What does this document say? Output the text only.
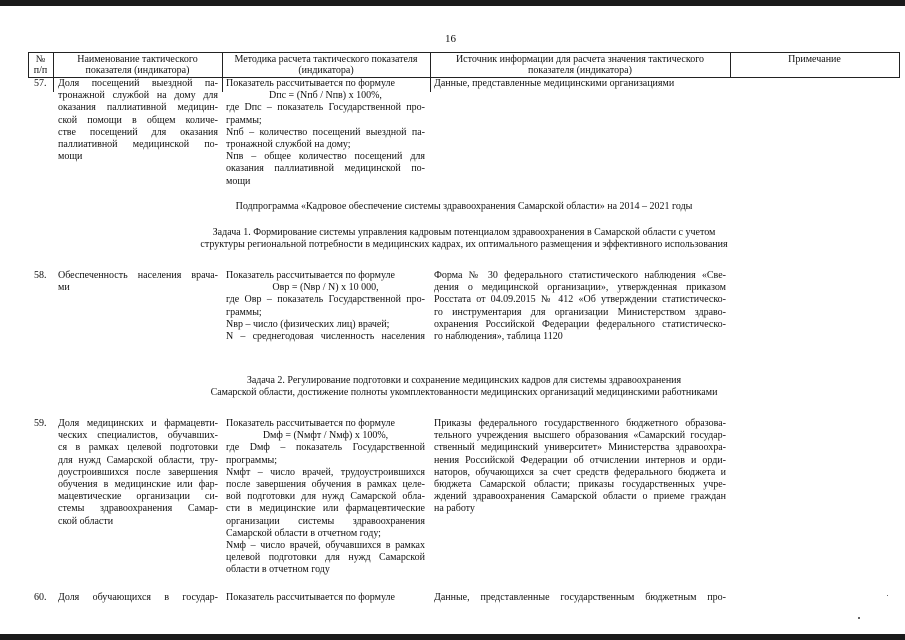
16
№
п/п
Наименование тактического
показателя (индикатора)
Методика расчета тактического показателя
(индикатора)
Источник информации для расчета значения тактического
показателя (индикатора)
Примечание
57. Доля посещений выездной па-
тронажной службой на дому для
оказания паллиативной медицин-
ской помощи в общем количе-
стве посещений для оказания
паллиативной медицинской по-
мощи
Показатель рассчитывается по формуле
Dпс = (Nпб / Nпв) x 100%,
где Dпс – показатель Государственной про-
граммы;
Nпб – количество посещений выездной па-
тронажной службой на дому;
Nпв – общее количество посещений для
оказания паллиативной медицинской по-
мощи
Данные, представленные медицинскими организациями
Подпрограмма «Кадровое обеспечение системы здравоохранения Самарской области» на 2014 – 2021 годы
Задача 1. Формирование системы управления кадровым потенциалом здравоохранения в Самарской области с учетом
структуры региональной потребности в медицинских кадрах, их оптимального размещения и эффективного использования
58. Обеспеченность населения врача-
ми
Показатель рассчитывается по формуле
Овр = (Nвр / N) x 10 000,
где Овр – показатель Государственной про-
граммы;
Nвр – число (физических лиц) врачей;
N – среднегодовая численность населения
Форма № 30 федерального статистического наблюдения «Све-
дения о медицинской организации», утвержденная приказом
Росстата от 04.09.2015 № 412 «Об утверждении статистическо-
го инструментария для организации Министерством здраво-
охранения Российской Федерации федерального статистическо-
го наблюдения», таблица 1120
Задача 2. Регулирование подготовки и сохранение медицинских кадров для системы здравоохранения
Самарской области, достижение полноты укомплектованности медицинских организаций медицинскими работниками
59. Доля медицинских и фармацевти-
ческих специалистов, обучавших-
ся в рамках целевой подготовки
для нужд Самарской области, тру-
доустроившихся после завершения
обучения в медицинские или фар-
мацевтические организации си-
стемы здравоохранения Самар-
ской области
Показатель рассчитывается по формуле
Dмф = (Nмфт / Nмф) x 100%,
где Dмф – показатель Государственной
программы;
Nмфт – число врачей, трудоустроившихся
после завершения обучения в рамках целе-
вой подготовки для нужд Самарской обла-
сти в медицинские или фармацевтические
организации системы здравоохранения
Самарской области в отчетном году;
Nмф – число врачей, обучавшихся в рамках
целевой подготовки для нужд Самарской
области в отчетном году
Приказы федерального государственного бюджетного образова-
тельного учреждения высшего образования «Самарский государ-
ственный медицинский университет» Министерства здравоохра-
нения Российской Федерации об отчислении интернов и орди-
наторов, обучающихся за счет средств федерального бюджета и
бюджета Самарской области; приказы государственных учре-
ждений здравоохранения Самарской области о приеме граждан
на работу
60. Доля обучающихся в государ- Показатель рассчитывается по формуле	Данные, представленные государственным бюджетным про-
